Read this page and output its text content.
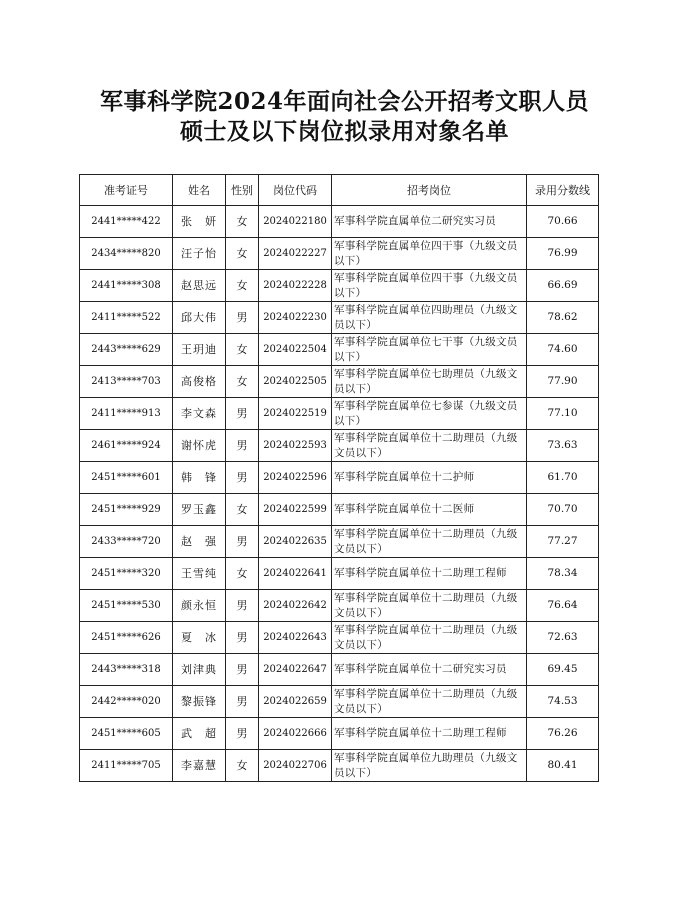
军事科学院2024年面向社会公开招考文职人员
硕士及以下岗位拟录用对象名单
准考证号	姓名	性别	岗位代码	招考岗位	录用分数线
2441*****422	张　妍	女	2024022180	军事科学院直属单位二研究实习员	70.66
2434*****820	汪子怡	女	2024022227	军事科学院直属单位四干事（九级文员以下）	76.99
2441*****308	赵思远	女	2024022228	军事科学院直属单位四干事（九级文员以下）	66.69
2411*****522	邱大伟	男	2024022230	军事科学院直属单位四助理员（九级文员以下）	78.62
2443*****629	王玥迪	女	2024022504	军事科学院直属单位七干事（九级文员以下）	74.60
2413*****703	高俊格	女	2024022505	军事科学院直属单位七助理员（九级文员以下）	77.90
2411*****913	李文森	男	2024022519	军事科学院直属单位七参谋（九级文员以下）	77.10
2461*****924	谢怀虎	男	2024022593	军事科学院直属单位十二助理员（九级文员以下）	73.63
2451*****601	韩　锋	男	2024022596	军事科学院直属单位十二护师	61.70
2451*****929	罗玉鑫	女	2024022599	军事科学院直属单位十二医师	70.70
2433*****720	赵　强	男	2024022635	军事科学院直属单位十二助理员（九级文员以下）	77.27
2451*****320	王雪纯	女	2024022641	军事科学院直属单位十二助理工程师	78.34
2451*****530	颜永恒	男	2024022642	军事科学院直属单位十二助理员（九级文员以下）	76.64
2451*****626	夏　冰	男	2024022643	军事科学院直属单位十二助理员（九级文员以下）	72.63
2443*****318	刘津典	男	2024022647	军事科学院直属单位十二研究实习员	69.45
2442*****020	黎振锋	男	2024022659	军事科学院直属单位十二助理员（九级文员以下）	74.53
2451*****605	武　超	男	2024022666	军事科学院直属单位十二助理工程师	76.26
2411*****705	李嘉慧	女	2024022706	军事科学院直属单位九助理员（九级文员以下）	80.41
